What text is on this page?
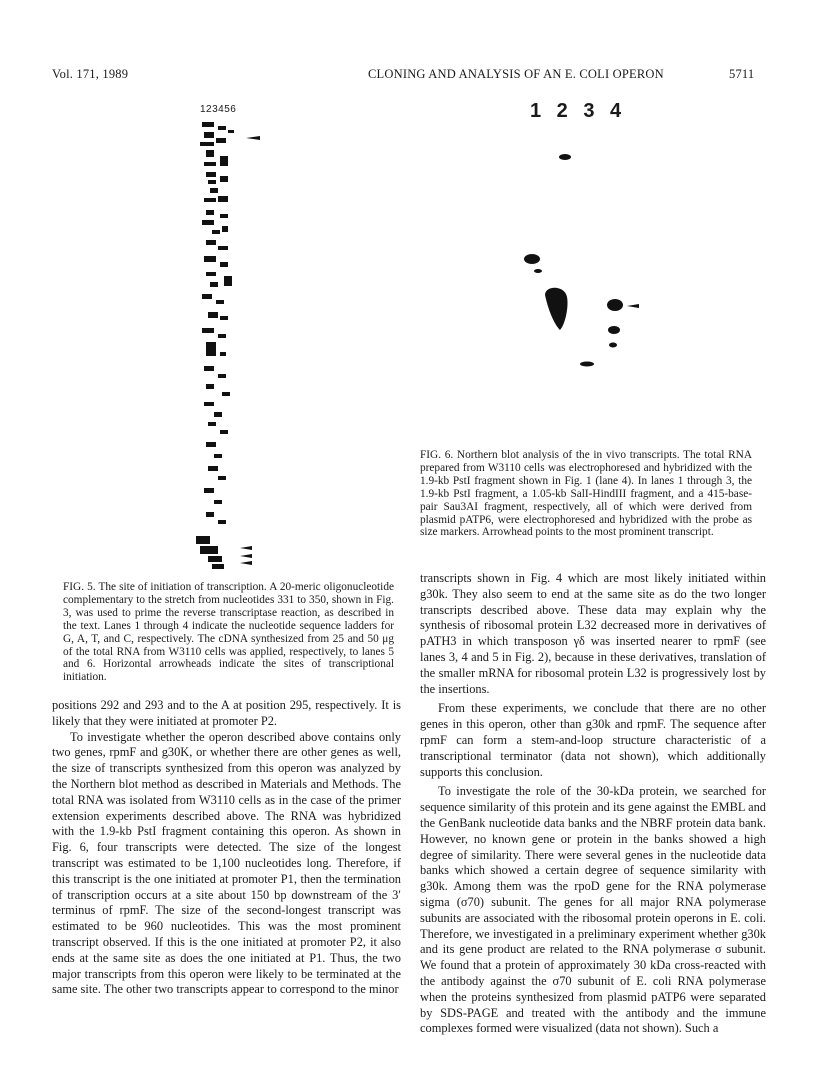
Vol. 171, 1989	CLONING AND ANALYSIS OF AN E. COLI OPERON	5711
123456	1 2 3 4
FIG. 5. The site of initiation of transcription. A 20-meric oligonucleotide complementary to the stretch from nucleotides 331 to 350, shown in Fig. 3, was used to prime the reverse transcriptase reaction, as described in the text. Lanes 1 through 4 indicate the nucleotide sequence ladders for G, A, T, and C, respectively. The cDNA synthesized from 25 and 50 μg of the total RNA from W3110 cells was applied, respectively, to lanes 5 and 6. Horizontal arrowheads indicate the sites of transcriptional initiation.
FIG. 6. Northern blot analysis of the in vivo transcripts. The total RNA prepared from W3110 cells was electrophoresed and hybridized with the 1.9-kb PstI fragment shown in Fig. 1 (lane 4). In lanes 1 through 3, the 1.9-kb PstI fragment, a 1.05-kb SalI-HindIII fragment, and a 415-base-pair Sau3AI fragment, respectively, all of which were derived from plasmid pATP6, were electrophoresed and hybridized with the probe as size markers. Arrowhead points to the most prominent transcript.

positions 292 and 293 and to the A at position 295, respectively. It is likely that they were initiated at promoter P2.

To investigate whether the operon described above contains only two genes, rpmF and g30K, or whether there are other genes as well, the size of transcripts synthesized from this operon was analyzed by the Northern blot method as described in Materials and Methods. The total RNA was isolated from W3110 cells as in the case of the primer extension experiments described above. The RNA was hybridized with the 1.9-kb PstI fragment containing this operon. As shown in Fig. 6, four transcripts were detected. The size of the longest transcript was estimated to be 1,100 nucleotides long. Therefore, if this transcript is the one initiated at promoter P1, then the termination of transcription occurs at a site about 150 bp downstream of the 3′ terminus of rpmF. The size of the second-longest transcript was estimated to be 960 nucleotides. This was the most prominent transcript observed. If this is the one initiated at promoter P2, it also ends at the same site as does the one initiated at P1. Thus, the two major transcripts from this operon were likely to be terminated at the same site. The other two transcripts appear to correspond to the minor

transcripts shown in Fig. 4 which are most likely initiated within g30k. They also seem to end at the same site as do the two longer transcripts described above. These data may explain why the synthesis of ribosomal protein L32 decreased more in derivatives of pATH3 in which transposon γδ was inserted nearer to rpmF (see lanes 3, 4 and 5 in Fig. 2), because in these derivatives, translation of the smaller mRNA for ribosomal protein L32 is progressively lost by the insertions.

From these experiments, we conclude that there are no other genes in this operon, other than g30k and rpmF. The sequence after rpmF can form a stem-and-loop structure characteristic of a transcriptional terminator (data not shown), which additionally supports this conclusion.

To investigate the role of the 30-kDa protein, we searched for sequence similarity of this protein and its gene against the EMBL and the GenBank nucleotide data banks and the NBRF protein data bank. However, no known gene or protein in the banks showed a high degree of similarity. There were several genes in the nucleotide data banks which showed a certain degree of sequence similarity with g30k. Among them was the rpoD gene for the RNA polymerase sigma (σ70) subunit. The genes for all major RNA polymerase subunits are associated with the ribosomal protein operons in E. coli. Therefore, we investigated in a preliminary experiment whether g30k and its gene product are related to the RNA polymerase σ subunit. We found that a protein of approximately 30 kDa cross-reacted with the antibody against the σ70 subunit of E. coli RNA polymerase when the proteins synthesized from plasmid pATP6 were separated by SDS-PAGE and treated with the antibody and the immune complexes formed were visualized (data not shown). Such a
